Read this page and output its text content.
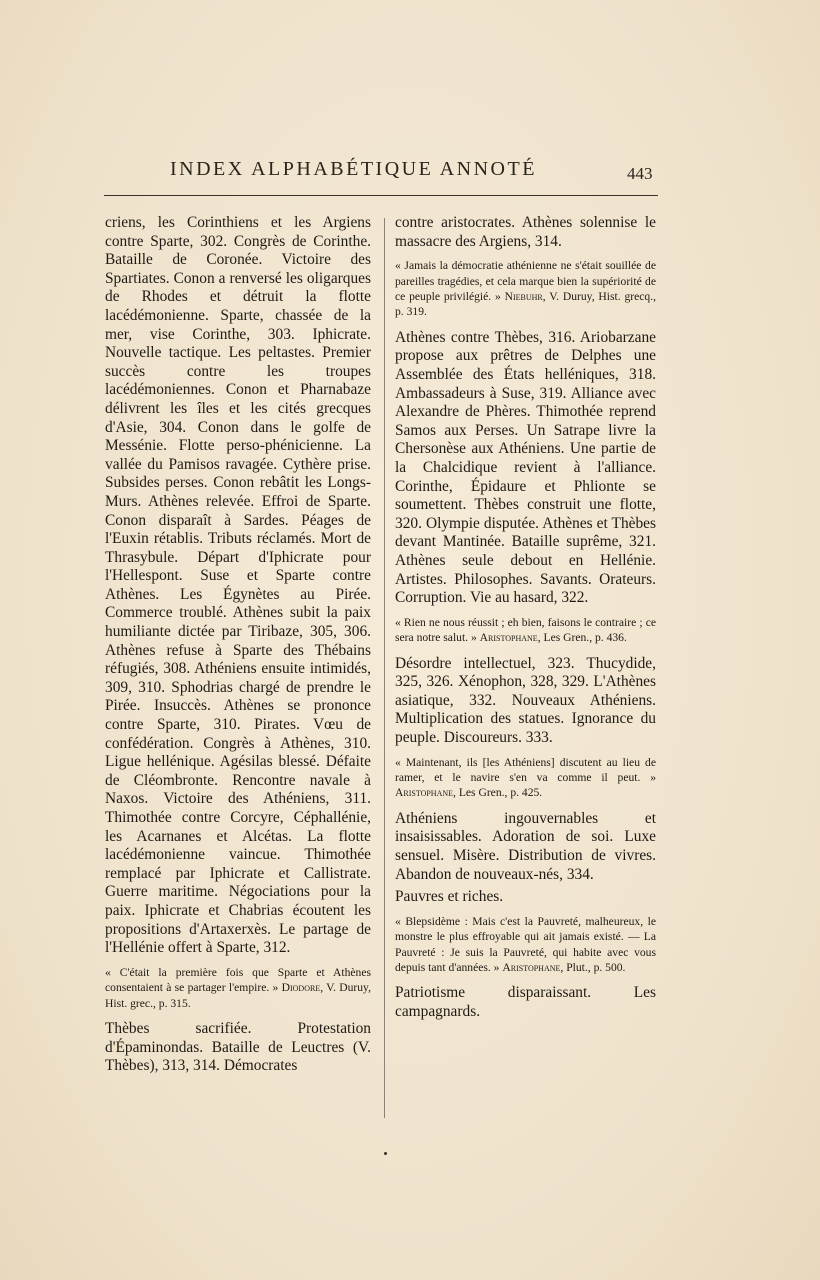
INDEX ALPHABÉTIQUE ANNOTÉ	443

criens, les Corinthiens et les Argiens contre Sparte, 302. Congrès de Corinthe. Bataille de Coronée. Victoire des Spartiates. Conon a renversé les oligarques de Rhodes et détruit la flotte lacédémonienne. Sparte, chassée de la mer, vise Corinthe, 303. Iphicrate. Nouvelle tactique. Les peltastes. Premier succès contre les troupes lacédémoniennes. Conon et Pharnabaze délivrent les îles et les cités grecques d'Asie, 304. Conon dans le golfe de Messénie. Flotte perso-phénicienne. La vallée du Pamisos ravagée. Cythère prise. Subsides perses. Conon rebâtit les Longs-Murs. Athènes relevée. Effroi de Sparte. Conon disparaît à Sardes. Péages de l'Euxin rétablis. Tributs réclamés. Mort de Thrasybule. Départ d'Iphicrate pour l'Hellespont. Suse et Sparte contre Athènes. Les Égynètes au Pirée. Commerce troublé. Athènes subit la paix humiliante dictée par Tiribaze, 305, 306. Athènes refuse à Sparte des Thébains réfugiés, 308. Athéniens ensuite intimidés, 309, 310. Sphodrias chargé de prendre le Pirée. Insuccès. Athènes se prononce contre Sparte, 310. Pirates. Vœu de confédération. Congrès à Athènes, 310. Ligue hellénique. Agésilas blessé. Défaite de Cléombronte. Rencontre navale à Naxos. Victoire des Athéniens, 311. Thimothée contre Corcyre, Céphallénie, les Acarnanes et Alcétas. La flotte lacédémonienne vaincue. Thimothée remplacé par Iphicrate et Callistrate. Guerre maritime. Négociations pour la paix. Iphicrate et Chabrias écoutent les propositions d'Artaxerxès. Le partage de l'Hellénie offert à Sparte, 312.

« C'était la première fois que Sparte et Athènes consentaient à se partager l'empire. » Diodore, V. Duruy, Hist. grec., p. 315.

Thèbes sacrifiée. Protestation d'Épaminondas. Bataille de Leuctres (V. Thèbes), 313, 314. Démocrates

contre aristocrates. Athènes solennise le massacre des Argiens, 314.

« Jamais la démocratie athénienne ne s'était souillée de pareilles tragédies, et cela marque bien la supériorité de ce peuple privilégié. » Niebuhr, V. Duruy, Hist. grecq., p. 319.

Athènes contre Thèbes, 316. Ariobarzane propose aux prêtres de Delphes une Assemblée des États helléniques, 318. Ambassadeurs à Suse, 319. Alliance avec Alexandre de Phères. Thimothée reprend Samos aux Perses. Un Satrape livre la Chersonèse aux Athéniens. Une partie de la Chalcidique revient à l'alliance. Corinthe, Épidaure et Phlionte se soumettent. Thèbes construit une flotte, 320. Olympie disputée. Athènes et Thèbes devant Mantinée. Bataille suprême, 321. Athènes seule debout en Hellénie. Artistes. Philosophes. Savants. Orateurs. Corruption. Vie au hasard, 322.

« Rien ne nous réussit ; eh bien, faisons le contraire ; ce sera notre salut. » Aristophane, Les Gren., p. 436.

Désordre intellectuel, 323. Thucydide, 325, 326. Xénophon, 328, 329. L'Athènes asiatique, 332. Nouveaux Athéniens. Multiplication des statues. Ignorance du peuple. Discoureurs. 333.

« Maintenant, ils [les Athéniens] discutent au lieu de ramer, et le navire s'en va comme il peut. » Aristophane, Les Gren., p. 425.

Athéniens ingouvernables et insaisissables. Adoration de soi. Luxe sensuel. Misère. Distribution de vivres. Abandon de nouveaux-nés, 334.

Pauvres et riches.

« Blepsidème : Mais c'est la Pauvreté, malheureux, le monstre le plus effroyable qui ait jamais existé. — La Pauvreté : Je suis la Pauvreté, qui habite avec vous depuis tant d'années. » Aristophane, Plut., p. 500.

Patriotisme disparaissant. Les campagnards.
